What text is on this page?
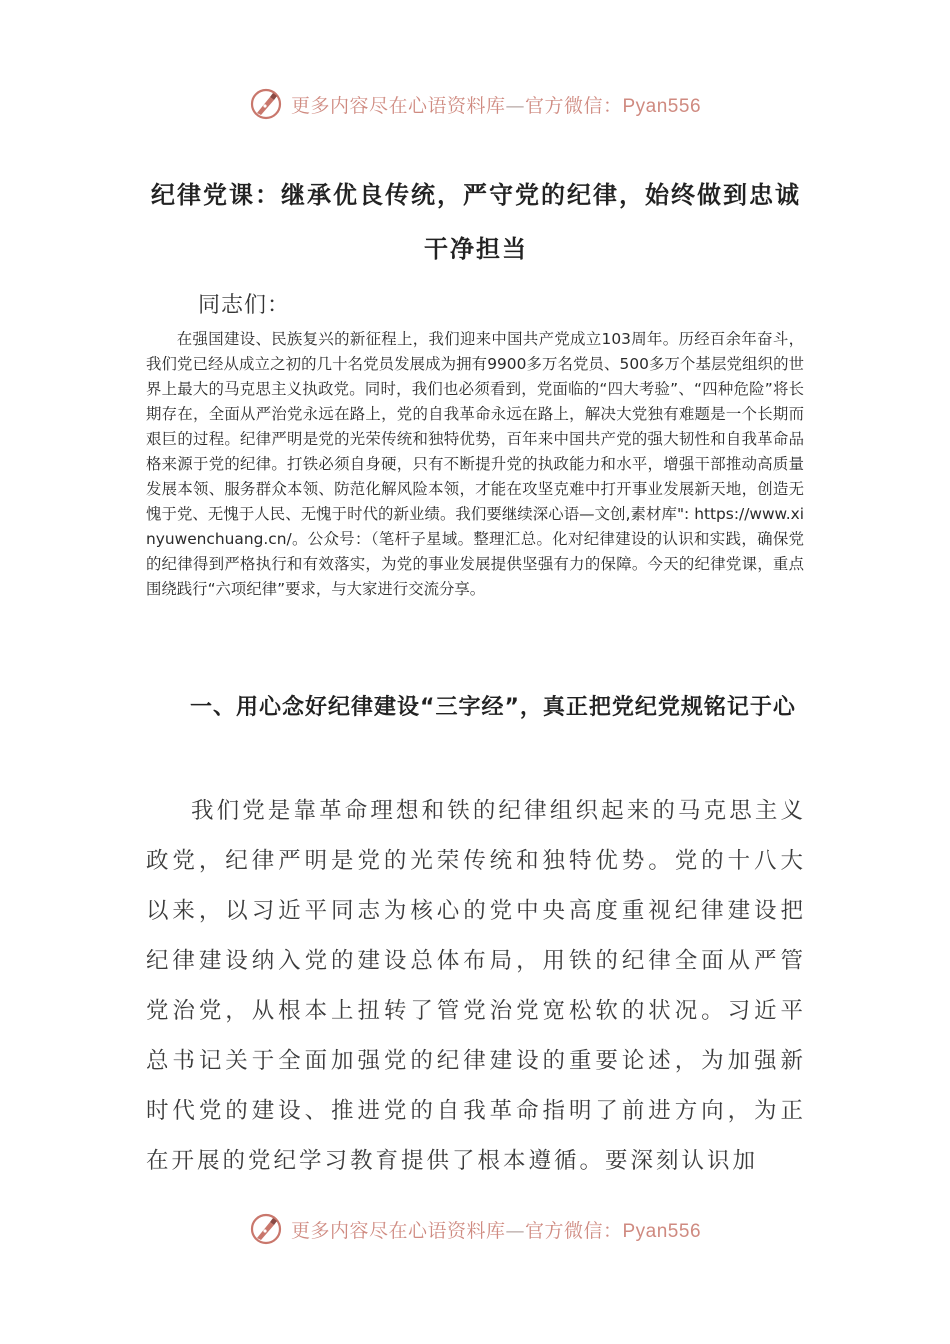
更多内容尽在心语资料库—官方微信：Pyan556
纪律党课：继承优良传统，严守党的纪律，始终做到忠诚干净担当
同志们：

在强国建设、民族复兴的新征程上，我们迎来中国共产党成立103周年。历经百余年奋斗，我们党已经从成立之初的几十名党员发展成为拥有9900多万名党员、500多万个基层党组织的世界上最大的马克思主义执政党。同时，我们也必须看到，党面临的“四大考验”、“四种危险”将长期存在，全面从严治党永远在路上，党的自我革命永远在路上，解决大党独有难题是一个长期而艰巨的过程。纪律严明是党的光荣传统和独特优势，百年来中国共产党的强大韧性和自我革命品格来源于党的纪律。打铁必须自身硬，只有不断提升党的执政能力和水平，增强干部推动高质量发展本领、服务群众本领、防范化解风险本领，才能在攻坚克难中打开事业发展新天地，创造无愧于党、无愧于人民、无愧于时代的新业绩。我们要继续深心语—文创,素材库": https://www.xinyuwenchuang.cn/。公众号：（笔杆子星域。整理汇总。化对纪律建设的认识和实践，确保党的纪律得到严格执行和有效落实，为党的事业发展提供坚强有力的保障。今天的纪律党课，重点围绕践行“六项纪律”要求，与大家进行交流分享。

一、用心念好纪律建设“三字经”，真正把党纪党规铭记于心

我们党是靠革命理想和铁的纪律组织起来的马克思主义政党，纪律严明是党的光荣传统和独特优势。党的十八大以来，以习近平同志为核心的党中央高度重视纪律建设把纪律建设纳入党的建设总体布局，用铁的纪律全面从严管党治党，从根本上扭转了管党治党宽松软的状况。习近平总书记关于全面加强党的纪律建设的重要论述，为加强新时代党的建设、推进党的自我革命指明了前进方向，为正在开展的党纪学习教育提供了根本遵循。要深刻认识加

更多内容尽在心语资料库—官方微信：Pyan556
